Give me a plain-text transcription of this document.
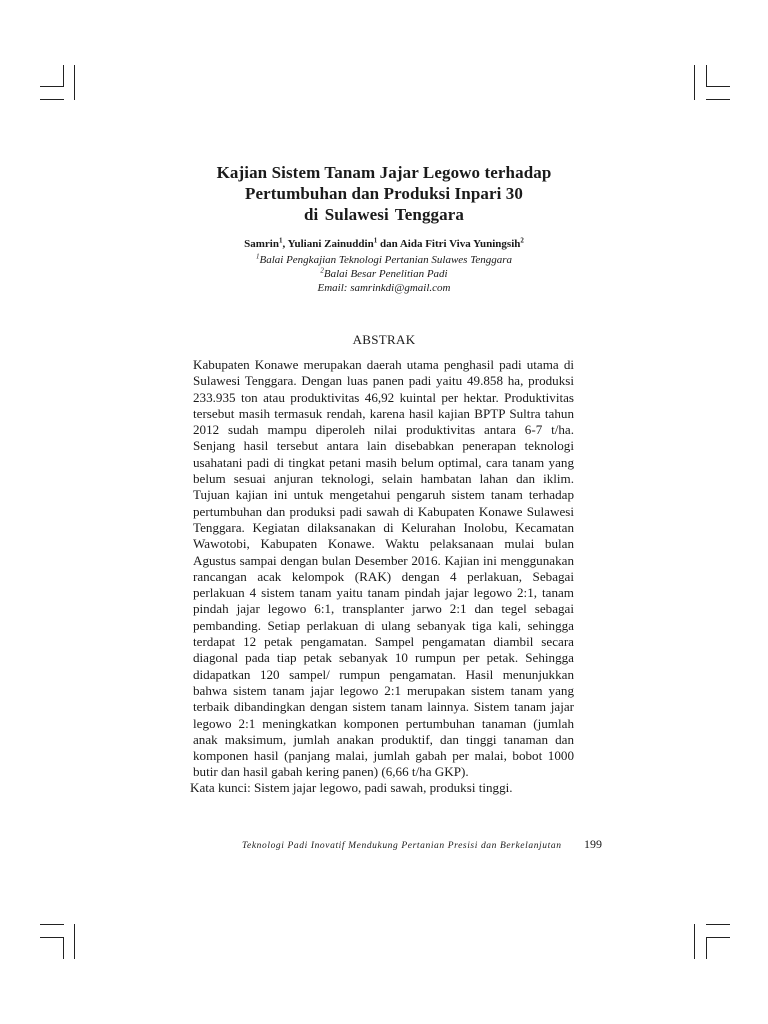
Kajian Sistem Tanam Jajar Legowo terhadap
Pertumbuhan dan Produksi Inpari 30
di Sulawesi Tenggara
Samrin$^1$, Yuliani Zainuddin$^1$ dan Aida Fitri Viva Yuningsih$^2$
$^1$Balai Pengkajian Teknologi Pertanian Sulawes Tenggara
$^2$Balai Besar Penelitian Padi
Email: samrinkdi@gmail.com
ABSTRAK

Kabupaten Konawe merupakan daerah utama penghasil padi utama di Sulawesi Tenggara. Dengan luas panen padi yaitu 49.858 ha, produksi 233.935 ton atau produktivitas 46,92 kuintal per hektar. Produktivitas tersebut masih termasuk rendah, karena hasil kajian BPTP Sultra tahun 2012 sudah mampu diperoleh nilai produktivitas antara 6-7 t/ha. Senjang hasil tersebut antara lain disebabkan penerapan teknologi usahatani padi di tingkat petani masih belum optimal, cara tanam yang belum sesuai anjuran teknologi, selain hambatan lahan dan iklim. Tujuan kajian ini untuk mengetahui pengaruh sistem tanam terhadap pertumbuhan dan produksi padi sawah di Kabupaten Konawe Sulawesi Tenggara. Kegiatan dilaksanakan di Kelurahan Inolobu, Kecamatan Wawotobi, Kabupaten Konawe. Waktu pelaksanaan mulai bulan Agustus sampai dengan bulan Desember 2016. Kajian ini menggunakan rancangan acak kelompok (RAK) dengan 4 perlakuan, Sebagai perlakuan 4 sistem tanam yaitu tanam pindah jajar legowo 2:1, tanam pindah jajar legowo 6:1, transplanter jarwo 2:1 dan tegel sebagai pembanding. Setiap perlakuan di ulang sebanyak tiga kali, sehingga terdapat 12 petak pengamatan. Sampel pengamatan diambil secara diagonal pada tiap petak sebanyak 10 rumpun per petak. Sehingga didapatkan 120 sampel/ rumpun pengamatan. Hasil menunjukkan bahwa sistem tanam jajar legowo 2:1 merupakan sistem tanam yang terbaik dibandingkan dengan sistem tanam lainnya. Sistem tanam jajar legowo 2:1 meningkatkan komponen pertumbuhan tanaman (jumlah anak maksimum, jumlah anakan produktif, dan tinggi tanaman dan komponen hasil (panjang malai, jumlah gabah per malai, bobot 1000 butir dan hasil gabah kering panen) (6,66 t/ha GKP).

Kata kunci: Sistem jajar legowo, padi sawah, produksi tinggi.
Teknologi Padi Inovatif Mendukung Pertanian Presisi dan Berkelanjutan 199
